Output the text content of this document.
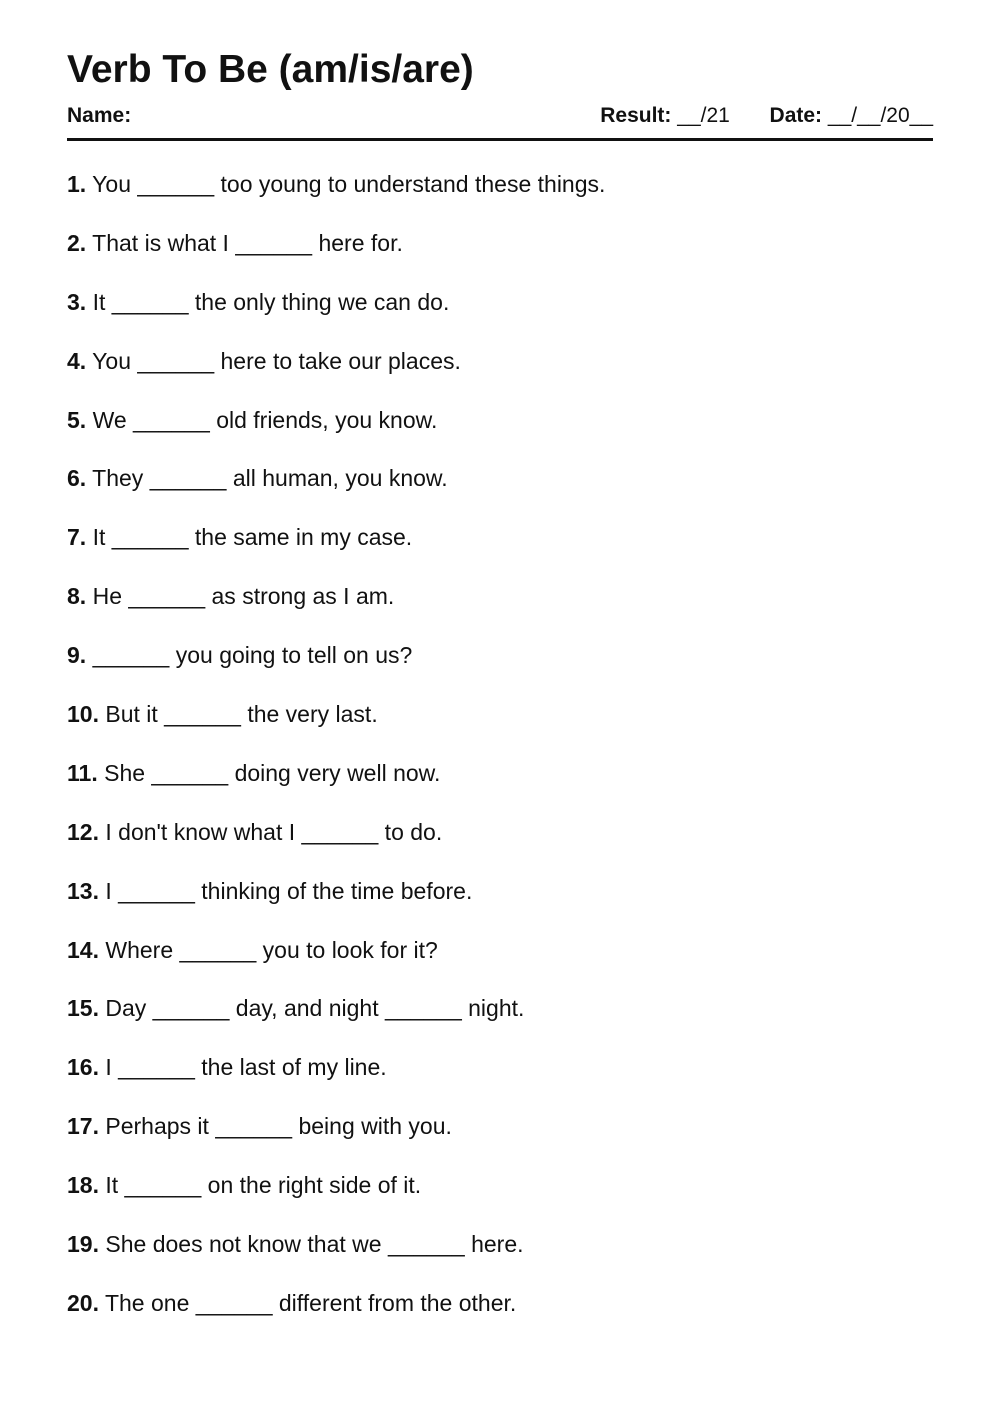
Verb To Be (am/is/are)
Name:	Result: __/21 Date: __/__/20__
1. You ______ too young to understand these things.
2. That is what I ______ here for.
3. It ______ the only thing we can do.
4. You ______ here to take our places.
5. We ______ old friends, you know.
6. They ______ all human, you know.
7. It ______ the same in my case.
8. He ______ as strong as I am.
9. ______ you going to tell on us?
10. But it ______ the very last.
11. She ______ doing very well now.
12. I don't know what I ______ to do.
13. I ______ thinking of the time before.
14. Where ______ you to look for it?
15. Day ______ day, and night ______ night.
16. I ______ the last of my line.
17. Perhaps it ______ being with you.
18. It ______ on the right side of it.
19. She does not know that we ______ here.
20. The one ______ different from the other.
